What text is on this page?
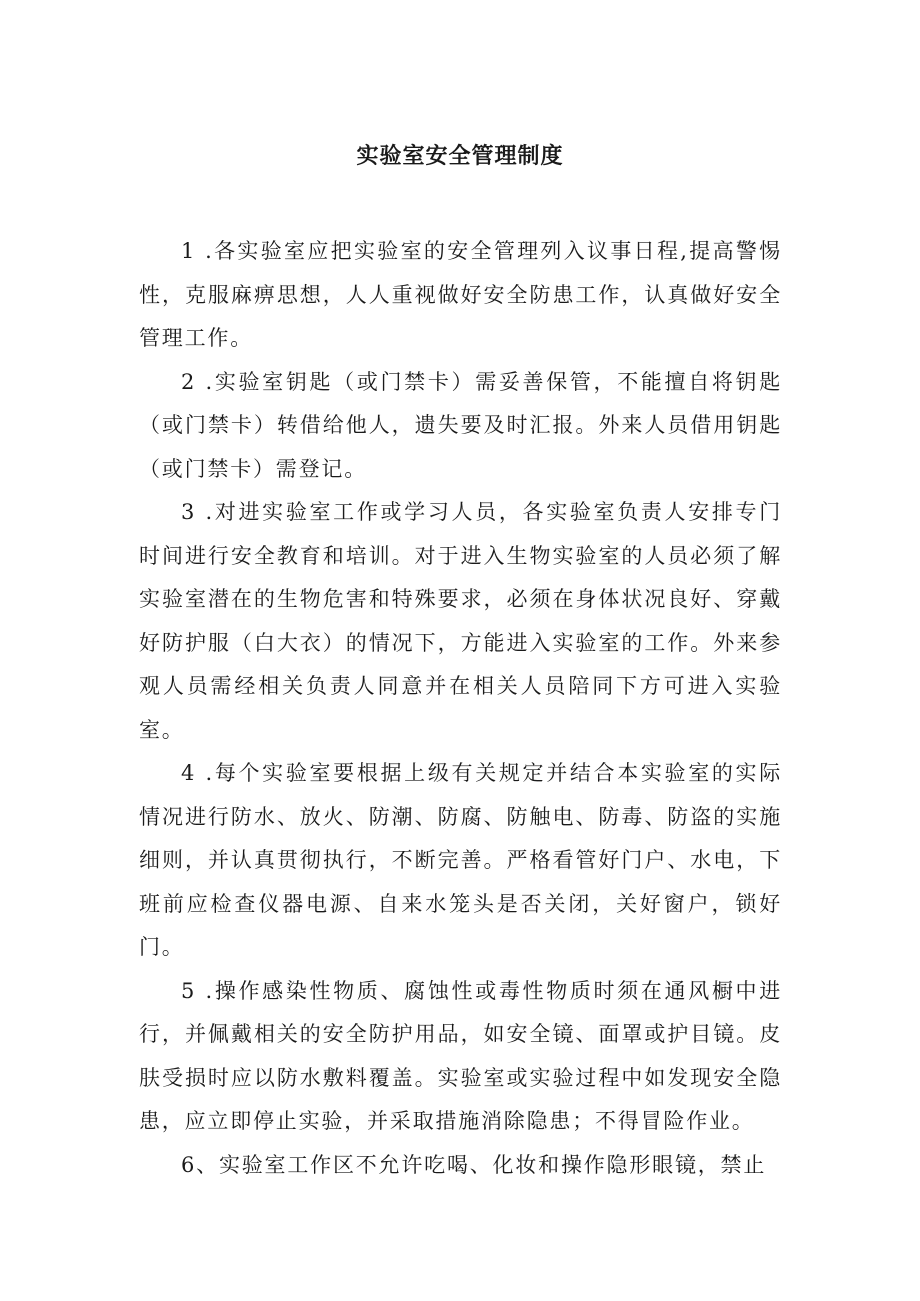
实验室安全管理制度

1 .各实验室应把实验室的安全管理列入议事日程,提高警惕性，克服麻痹思想，人人重视做好安全防患工作，认真做好安全管理工作。

2 .实验室钥匙（或门禁卡）需妥善保管，不能擅自将钥匙（或门禁卡）转借给他人，遗失要及时汇报。外来人员借用钥匙（或门禁卡）需登记。

3 .对进实验室工作或学习人员，各实验室负责人安排专门时间进行安全教育和培训。对于进入生物实验室的人员必须了解实验室潜在的生物危害和特殊要求，必须在身体状况良好、穿戴好防护服（白大衣）的情况下，方能进入实验室的工作。外来参观人员需经相关负责人同意并在相关人员陪同下方可进入实验室。

4 .每个实验室要根据上级有关规定并结合本实验室的实际情况进行防水、放火、防潮、防腐、防触电、防毒、防盗的实施细则，并认真贯彻执行，不断完善。严格看管好门户、水电，下班前应检查仪器电源、自来水笼头是否关闭，关好窗户，锁好门。

5 .操作感染性物质、腐蚀性或毒性物质时须在通风橱中进行，并佩戴相关的安全防护用品，如安全镜、面罩或护目镜。皮肤受损时应以防水敷料覆盖。实验室或实验过程中如发现安全隐患，应立即停止实验，并采取措施消除隐患；不得冒险作业。

6、实验室工作区不允许吃喝、化妆和操作隐形眼镜，禁止
